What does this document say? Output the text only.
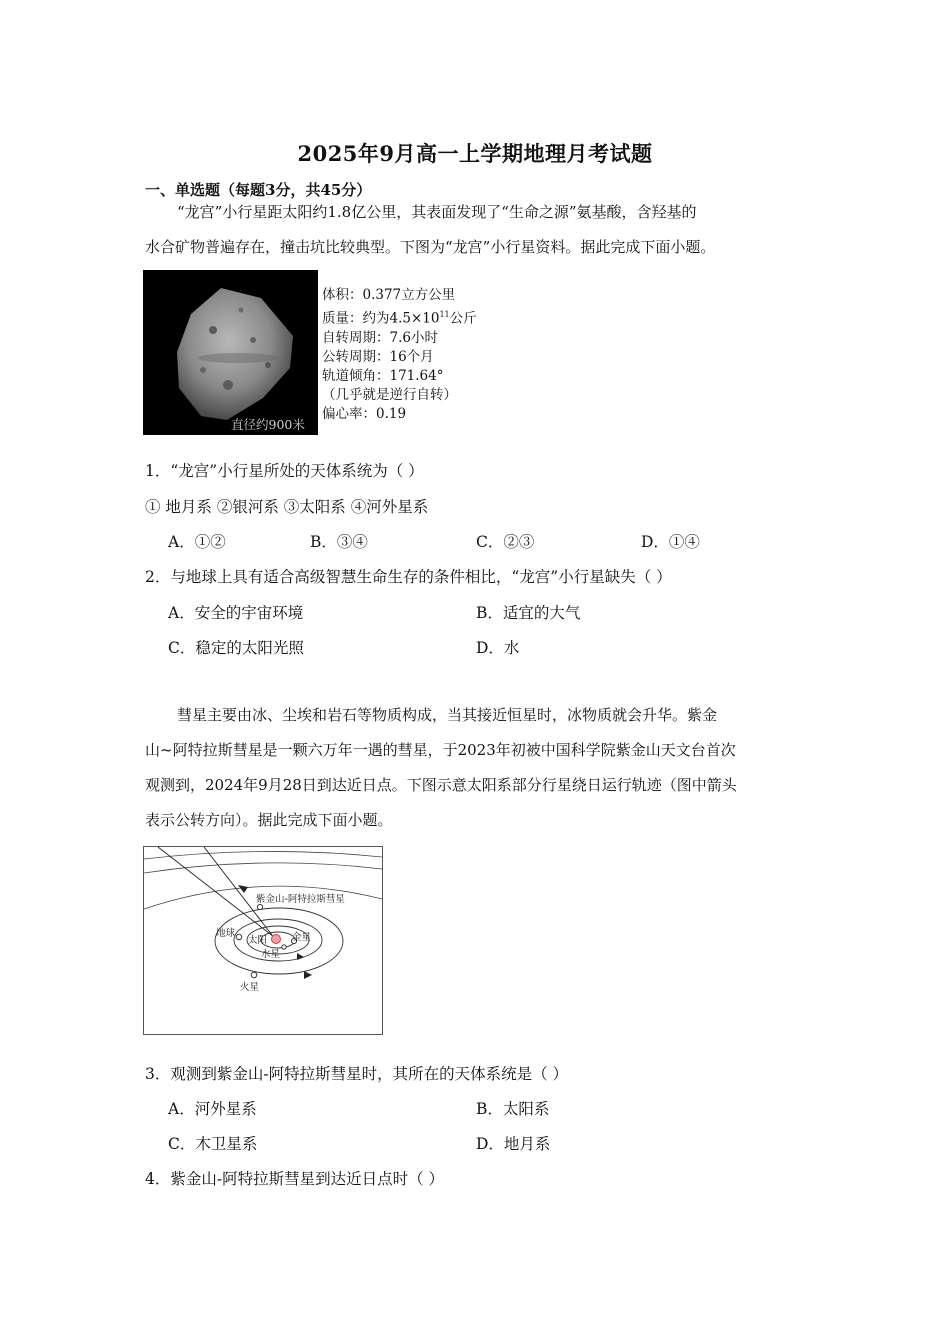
2025年9月高一上学期地理月考试题
一、单选题（每题3分，共45分）
“龙宫”小行星距太阳约1.8亿公里，其表面发现了“生命之源”氨基酸，含羟基的
水合矿物普遍存在，撞击坑比较典型。下图为“龙宫”小行星资料。据此完成下面小题。
直径约900米
体积：0.377立方公里
质量：约为$4.5\times 10^{11}$公斤
自转周期：7.6小时
公转周期：16个月
轨道倾角：171.64°
（几乎就是逆行自转）
偏心率：0.19
1．“龙宫”小行星所处的天体系统为（ ）
① 地月系 ②银河系 ③太阳系 ④河外星系
A．①②	B．③④	C．②③	D．①④
2．与地球上具有适合高级智慧生命生存的条件相比，“龙宫”小行星缺失（ ）
A．安全的宇宙环境	B．适宜的大气
C．稳定的太阳光照	D．水
彗星主要由冰、尘埃和岩石等物质构成，当其接近恒星时，冰物质就会升华。紫金
山~阿特拉斯彗星是一颗六万年一遇的彗星，于2023年初被中国科学院紫金山天文台首次
观测到，2024年9月28日到达近日点。下图示意太阳系部分行星绕日运行轨迹（图中箭头
表示公转方向）。据此完成下面小题。
紫金山-阿特拉斯彗星
地球
太阳	金星
水星
火星
3．观测到紫金山-阿特拉斯彗星时，其所在的天体系统是（ ）
A．河外星系	B．太阳系
C．木卫星系	D．地月系
4．紫金山-阿特拉斯彗星到达近日点时（ ）
